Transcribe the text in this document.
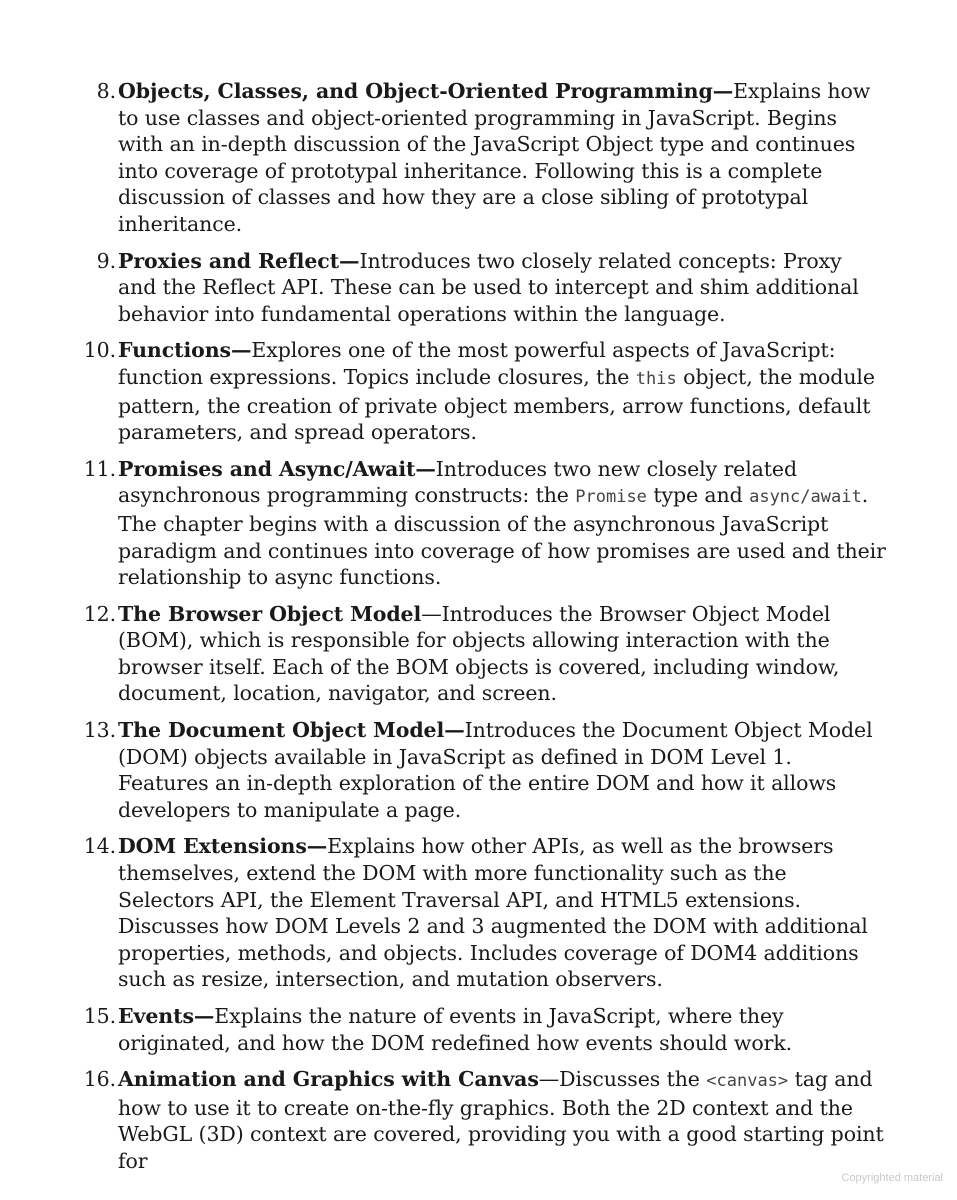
8. Objects, Classes, and Object-Oriented Programming—Explains how to use classes and object-oriented programming in JavaScript. Begins with an in-depth discussion of the JavaScript Object type and continues into coverage of prototypal inheritance. Following this is a complete discussion of classes and how they are a close sibling of prototypal inheritance.
9. Proxies and Reflect—Introduces two closely related concepts: Proxy and the Reflect API. These can be used to intercept and shim additional behavior into fundamental operations within the language.
10. Functions—Explores one of the most powerful aspects of JavaScript: function expressions. Topics include closures, the this object, the module pattern, the creation of private object members, arrow functions, default parameters, and spread operators.
11. Promises and Async/Await—Introduces two new closely related asynchronous programming constructs: the Promise type and async/await. The chapter begins with a discussion of the asynchronous JavaScript paradigm and continues into coverage of how promises are used and their relationship to async functions.
12. The Browser Object Model—Introduces the Browser Object Model (BOM), which is responsible for objects allowing interaction with the browser itself. Each of the BOM objects is covered, including window, document, location, navigator, and screen.
13. The Document Object Model—Introduces the Document Object Model (DOM) objects available in JavaScript as defined in DOM Level 1. Features an in-depth exploration of the entire DOM and how it allows developers to manipulate a page.
14. DOM Extensions—Explains how other APIs, as well as the browsers themselves, extend the DOM with more functionality such as the Selectors API, the Element Traversal API, and HTML5 extensions. Discusses how DOM Levels 2 and 3 augmented the DOM with additional properties, methods, and objects. Includes coverage of DOM4 additions such as resize, intersection, and mutation observers.
15. Events—Explains the nature of events in JavaScript, where they originated, and how the DOM redefined how events should work.
16. Animation and Graphics with Canvas—Discusses the <canvas> tag and how to use it to create on-the-fly graphics. Both the 2D context and the WebGL (3D) context are covered, providing you with a good starting point for
Copyrighted material
